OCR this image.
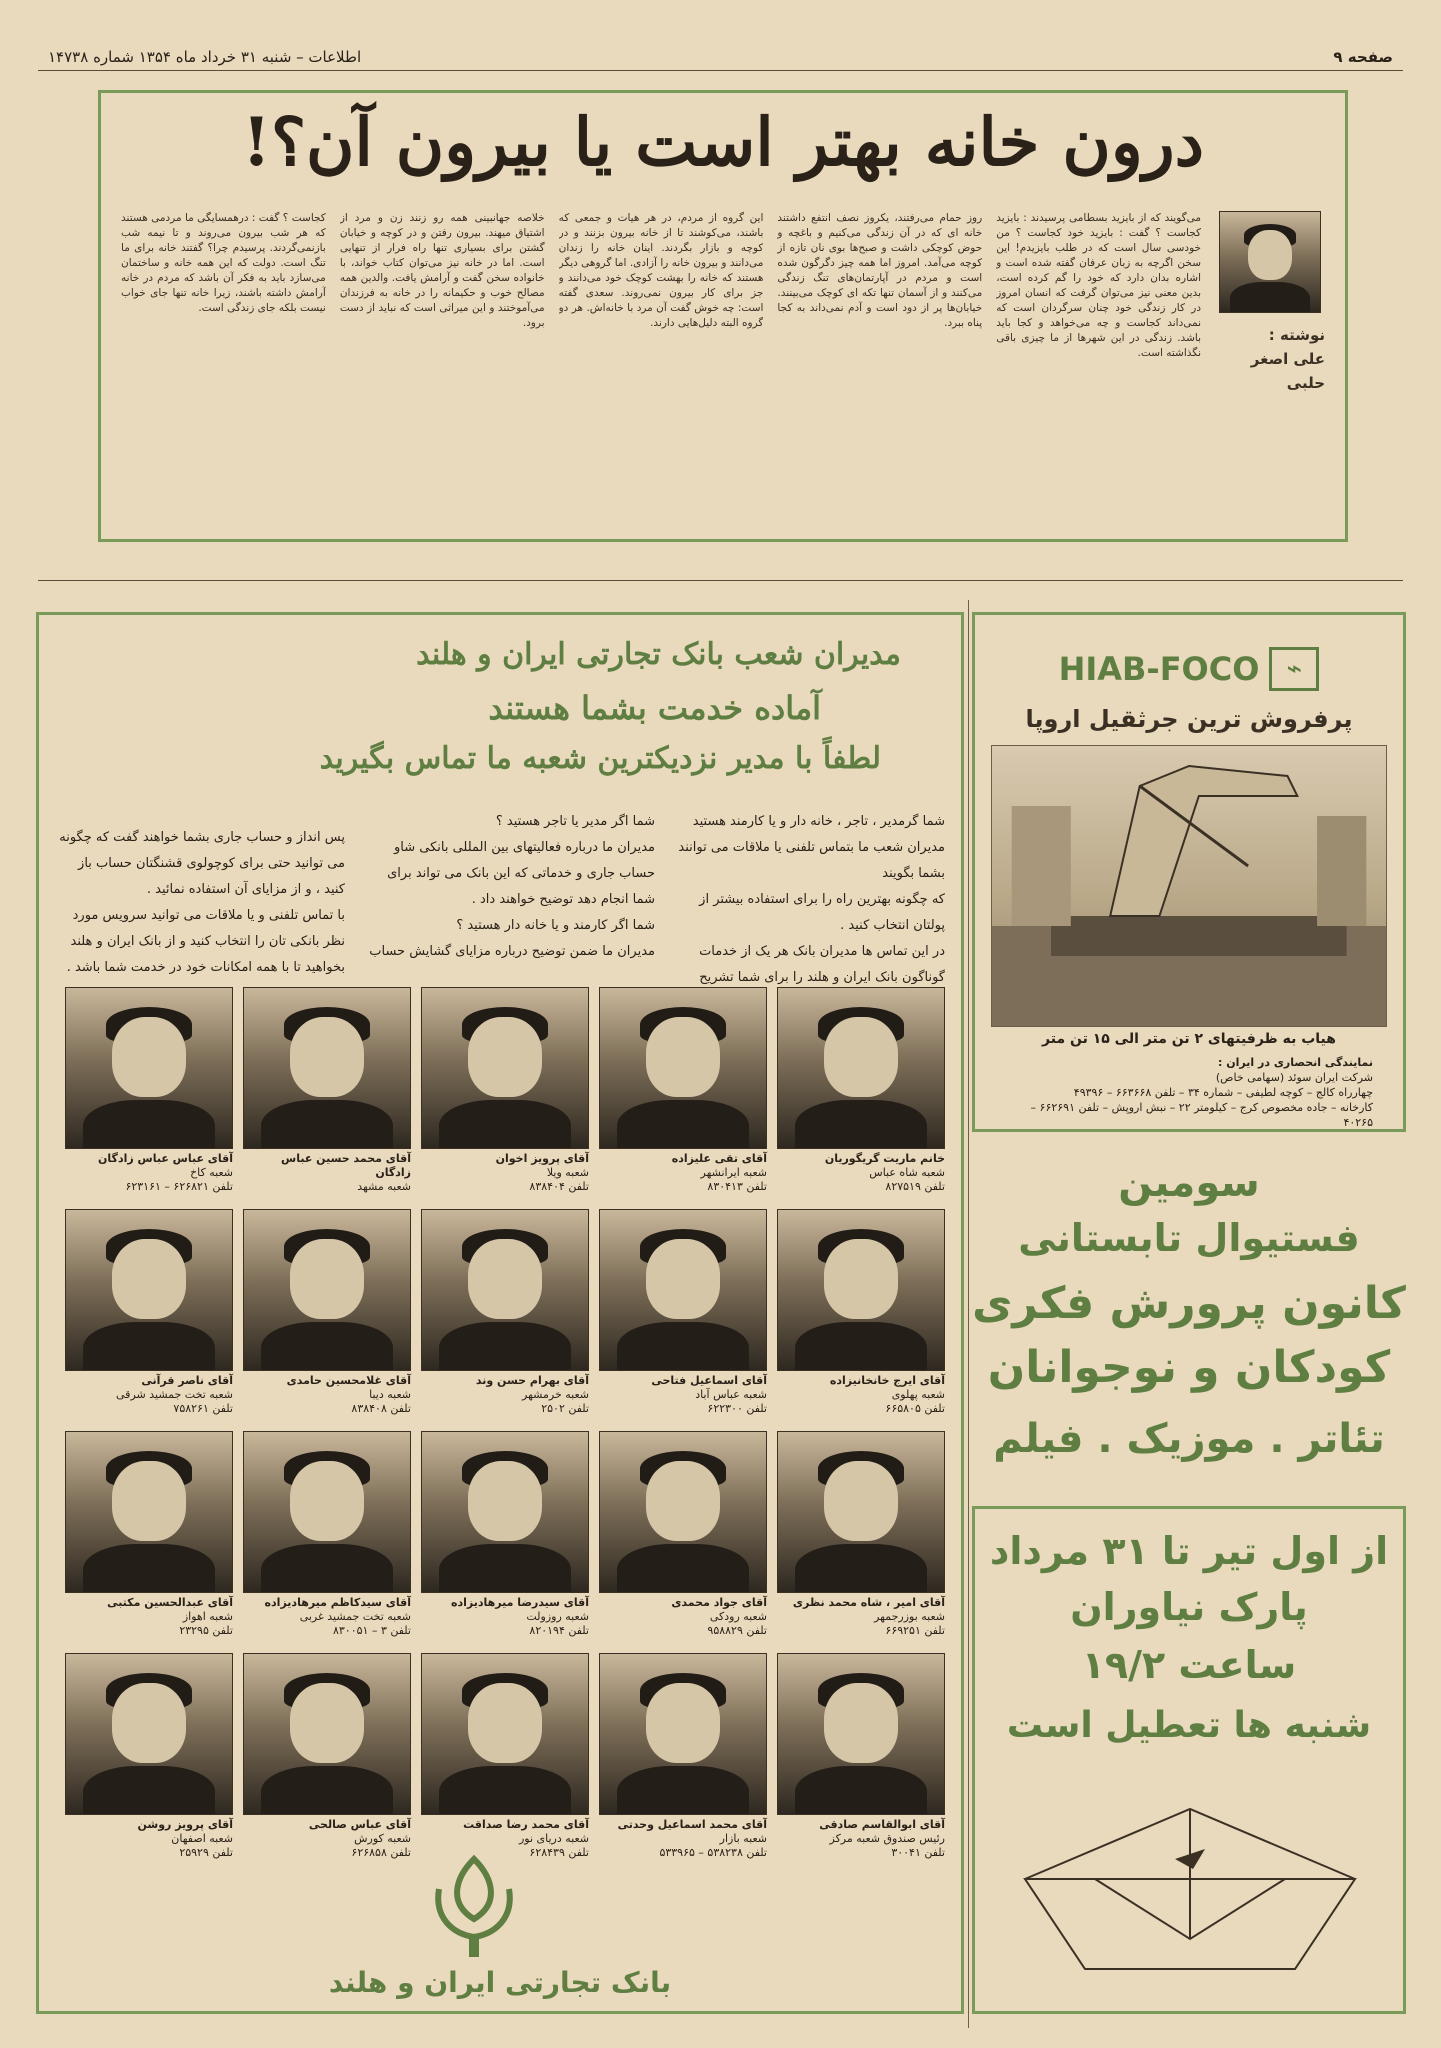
صفحه ۹
اطلاعات – شنبه ۳۱ خرداد ماه ۱۳۵۴ شماره ۱۴۷۳۸
درون خانه بهتر است یا بیرون آن؟!
نوشته :
علی اصغر حلبی
می‌گویند که از بایزید بسطامی پرسیدند : بایزید کجاست ؟ گفت : بایزید خود کجاست ؟ من خودسی سال است که در طلب بایزیدم! این سخن اگرچه به زبان عرفان گفته شده است و اشاره بدان دارد که خود را گم کرده است، بدین معنی نیز می‌توان گرفت که انسان امروز در کار زندگی خود چنان سرگردان است که نمی‌داند کجاست و چه می‌خواهد و کجا باید باشد. زندگی در این شهرها از ما چیزی باقی نگذاشته است.
روز حمام می‌رفتند، یکروز نصف انتفع داشتند خانه ای که در آن زندگی می‌کنیم و باغچه و حوض کوچکی داشت و صبح‌ها بوی نان تازه از کوچه می‌آمد. امروز اما همه چیز دگرگون شده است و مردم در آپارتمان‌های تنگ زندگی می‌کنند و از آسمان تنها تکه ای کوچک می‌بینند. خیابان‌ها پر از دود است و آدم نمی‌داند به کجا پناه ببرد.
این گروه از مردم، در هر هیات و جمعی که باشند، می‌کوشند تا از خانه بیرون بزنند و در کوچه و بازار بگردند. اینان خانه را زندان می‌دانند و بیرون خانه را آزادی. اما گروهی دیگر هستند که خانه را بهشت کوچک خود می‌دانند و جز برای کار بیرون نمی‌روند. سعدی گفته است: چه خوش گفت آن مرد با خانه‌اش. هر دو گروه البته دلیل‌هایی دارند.
خلاصه جهانبینی همه رو زنند زن و مرد از اشتیاق میهند. بیرون رفتن و در کوچه و خیابان گشتن برای بسیاری تنها راه فرار از تنهایی است. اما در خانه نیز می‌توان کتاب خواند، با خانواده سخن گفت و آرامش یافت. والدین همه مصالح خوب و حکیمانه را در خانه به فرزندان می‌آموختند و این میراثی است که نباید از دست برود.
کجاست ؟ گفت : درهمسایگی ما مردمی هستند که هر شب بیرون می‌روند و تا نیمه شب بازنمی‌گردند. پرسیدم چرا؟ گفتند خانه برای ما تنگ است. دولت که این همه خانه و ساختمان می‌سازد باید به فکر آن باشد که مردم در خانه آرامش داشته باشند، زیرا خانه تنها جای خواب نیست بلکه جای زندگی است.
مدیران شعب بانک تجارتی ایران و هلند
آماده خدمت بشما هستند
لطفاً با مدیر نزدیکترین شعبه ما تماس بگیرید
شما گرمدیر ، تاجر ، خانه دار و یا کارمند هستید
مدیران شعب ما بتماس تلفنی یا ملاقات می توانند بشما بگویند
که چگونه بهترین راه را برای استفاده بیشتر از پولتان انتخاب کنید .
در این تماس ها مدیران بانک هر یک از خدمات گوناگون بانک ایران و هلند را برای شما تشریح
شما اگر مدیر یا تاجر هستید ؟
مدیران ما درباره فعالیتهای بین المللی بانکی شاو حساب جاری و خدماتی که این بانک می تواند برای شما انجام دهد توضیح خواهند داد .
شما اگر کارمند و یا خانه دار هستید ؟
مدیران ما ضمن توضیح درباره مزایای گشایش حساب
پس انداز و حساب جاری بشما خواهند گفت که چگونه می توانید حتی برای کوچولوی قشنگتان حساب باز کنید ، و از مزایای آن استفاده نمائید .
با تماس تلفنی و یا ملاقات می توانید سرویس مورد نظر بانکی تان را انتخاب کنید و از بانک ایران و هلند بخواهید تا با همه امکانات خود در خدمت شما باشد .
خانم ماریت گریگوریان
شعبه شاه عباس
تلفن ۸۲۷۵۱۹
آقای تقی علیزاده
شعبه ایرانشهر
تلفن ۸۳۰۴۱۳
آقای پرویز اخوان
شعبه ویلا
تلفن ۸۳۸۴۰۴
آقای محمد حسین عباس زادگان
شعبه مشهد
آقای عباس عباس زادگان
شعبه کاخ
تلفن ۶۲۶۸۲۱ – ۶۲۳۱۶۱
آقای ایرج خانخانیزاده
شعبه پهلوی
تلفن ۶۶۵۸۰۵
آقای اسماعیل فتاحی
شعبه عباس آباد
تلفن ۶۲۲۳۰۰
آقای بهرام حسن وند
شعبه خرمشهر
تلفن ۲۵۰۲
آقای غلامحسین حامدی
شعبه دیبا
تلفن ۸۳۸۴۰۸
آقای ناصر قرآنی
شعبه تخت جمشید شرقی
تلفن ۷۵۸۲۶۱
آقای امیر ، شاه محمد نظری
شعبه بوزرجمهر
تلفن ۶۶۹۲۵۱
آقای جواد محمدی
شعبه رودکی
تلفن ۹۵۸۸۲۹
آقای سیدرضا میرهادیزاده
شعبه روزولت
تلفن ۸۲۰۱۹۴
آقای سیدکاظم میرهادیزاده
شعبه تخت جمشید غربی
تلفن ۳ – ۸۳۰۰۵۱
آقای عبدالحسین مکتبی
شعبه اهواز
تلفن ۲۳۲۹۵
آقای ابوالقاسم صادقی
رئیس صندوق شعبه مرکز
تلفن ۳۰۰۴۱
آقای محمد اسماعیل وحدتی
شعبه بازار
تلفن ۵۳۸۲۳۸ – ۵۳۳۹۶۵
آقای محمد رضا صداقت
شعبه دریای نور
تلفن ۶۲۸۴۳۹
آقای عباس صالحی
شعبه کورش
تلفن ۶۲۶۸۵۸
آقای پرویز روشن
شعبه اصفهان
تلفن ۲۵۹۲۹
بانک تجارتی ایران و هلند
⌁
HIAB-FOCO
پرفروش ترین جرثقیل اروپا
هیاب به ظرفیتهای ۲ تن متر الی ۱۵ تن متر
نمایندگی انحصاری در ایران :
شرکت ایران سوئد (سهامی خاص)
چهارراه کالج – کوچه لطیفی – شماره ۳۴ – تلفن ۶۶۳۶۶۸ – ۴۹۳۹۶
کارخانه – جاده مخصوص کرج – کیلومتر ۲۲ – نبش اروپش – تلفن ۶۶۲۶۹۱ – ۴۰۲۶۵
سومین
فستیوال تابستانی
کانون پرورش فکری
کودکان و نوجوانان
تئاتر . موزیک . فیلم
از اول تیر تا ۳۱ مرداد
پارک نیاوران
ساعت ۱۹/۲
شنبه ها تعطیل است
